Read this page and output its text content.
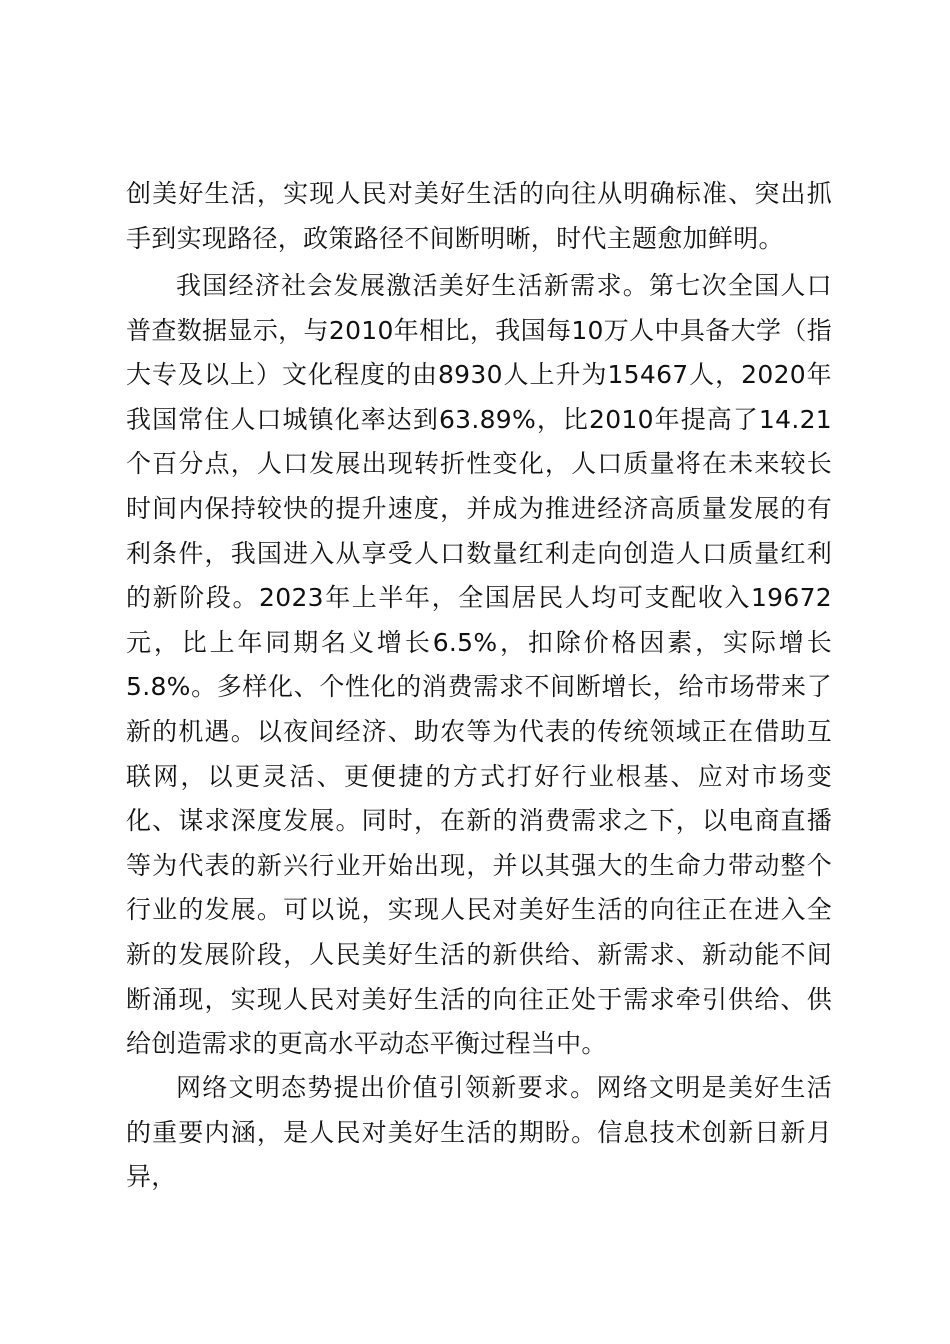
创美好生活，实现人民对美好生活的向往从明确标准、突出抓手到实现路径，政策路径不间断明晰，时代主题愈加鲜明。

我国经济社会发展激活美好生活新需求。第七次全国人口普查数据显示，与2010年相比，我国每10万人中具备大学（指大专及以上）文化程度的由8930人上升为15467人，2020年我国常住人口城镇化率达到63.89%，比2010年提高了14.21个百分点，人口发展出现转折性变化，人口质量将在未来较长时间内保持较快的提升速度，并成为推进经济高质量发展的有利条件，我国进入从享受人口数量红利走向创造人口质量红利的新阶段。2023年上半年，全国居民人均可支配收入19672元，比上年同期名义增长6.5%，扣除价格因素，实际增长5.8%。多样化、个性化的消费需求不间断增长，给市场带来了新的机遇。以夜间经济、助农等为代表的传统领域正在借助互联网，以更灵活、更便捷的方式打好行业根基、应对市场变化、谋求深度发展。同时，在新的消费需求之下，以电商直播等为代表的新兴行业开始出现，并以其强大的生命力带动整个行业的发展。可以说，实现人民对美好生活的向往正在进入全新的发展阶段，人民美好生活的新供给、新需求、新动能不间断涌现，实现人民对美好生活的向往正处于需求牵引供给、供给创造需求的更高水平动态平衡过程当中。

网络文明态势提出价值引领新要求。网络文明是美好生活的重要内涵，是人民对美好生活的期盼。信息技术创新日新月异，
